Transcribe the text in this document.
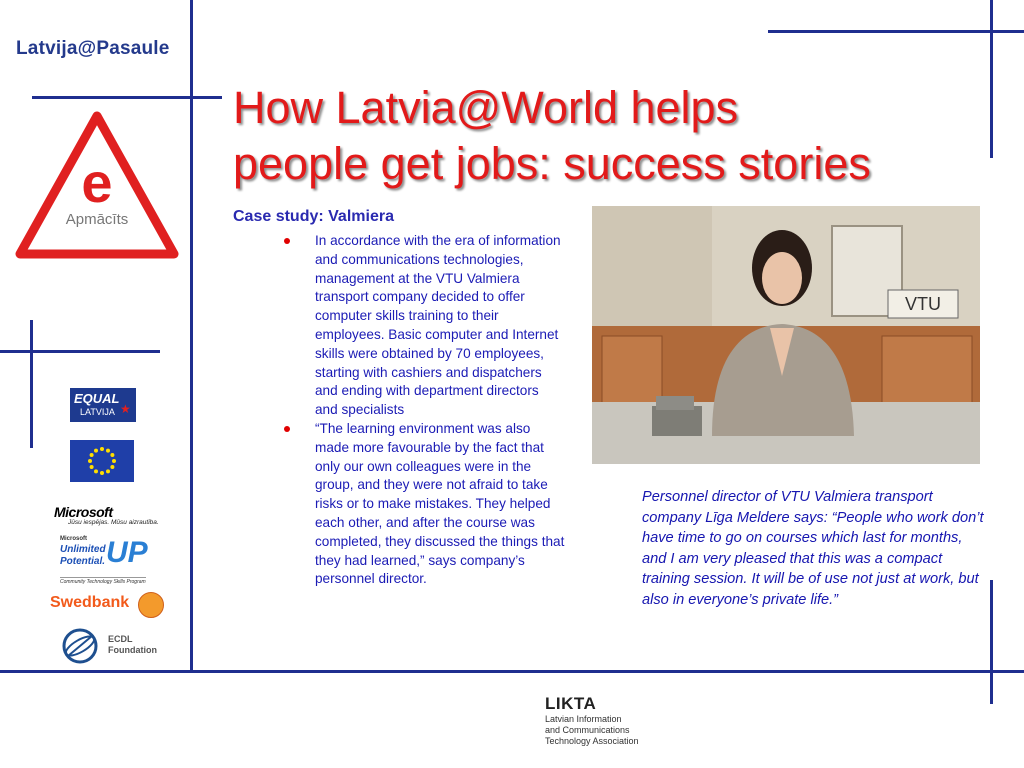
Latvija@Pasaule
e
Apmācīts
Informācijas sabiedrības pamatprasmes
EQUAL
LATVIJA ★
Microsoft
Jūsu iespējas. Mūsu aizrautība.
Microsoft
Unlimited
Potential. UP
Community Technology Skills Program
Swedbank
ECDL
Foundation
How Latvia@World helps
people get jobs: success stories
Case study: Valmiera
In accordance with the era of information and communications technologies, management at the VTU Valmiera transport company decided to offer computer skills training to their employees. Basic computer and Internet skills were obtained by 70 employees, starting with cashiers and dispatchers and ending with department directors and specialists
“The learning environment was also made more favourable by the fact that only our own colleagues were in the group, and they were not afraid to take risks or to make mistakes. They helped each other, and after the course was completed, they discussed the things that they had learned,” says company’s personnel director.
VTU
Personnel director of VTU Valmiera transport company Līga Meldere says: “People who work don’t have time to go on courses which last for months, and I am very pleased that this was a compact training session. It will be of use not just at work, but also in everyone’s private life.”
LIKTA
Latvian Information
and Communications
Technology Association
